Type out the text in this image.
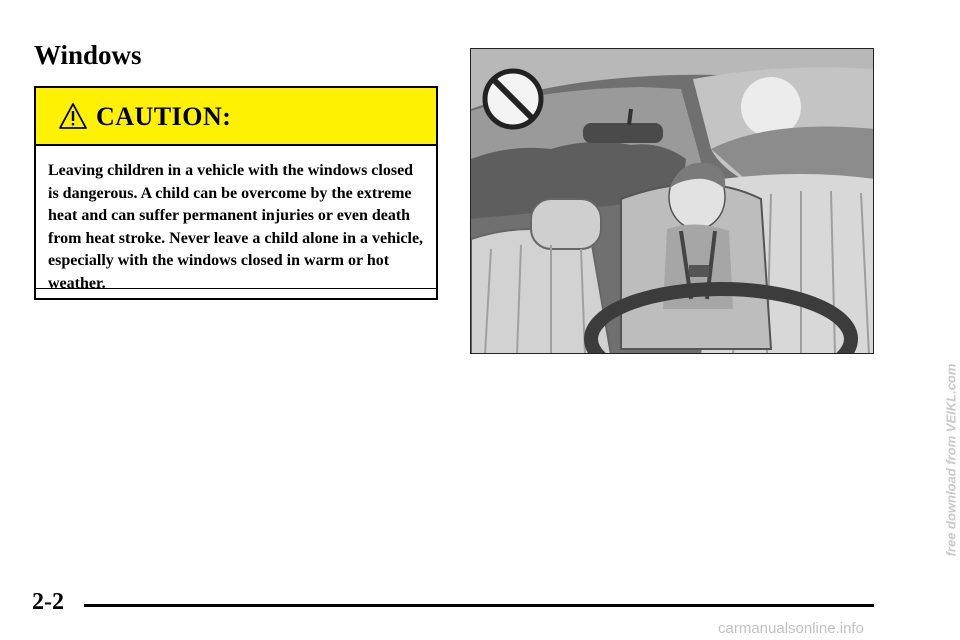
Windows
CAUTION:

Leaving children in a vehicle with the windows closed is dangerous. A child can be overcome by the extreme heat and can suffer permanent injuries or even death from heat stroke. Never leave a child alone in a vehicle, especially with the windows closed in warm or hot weather.

2-2
free download from VEIKL.com
carmanualsonline.info
